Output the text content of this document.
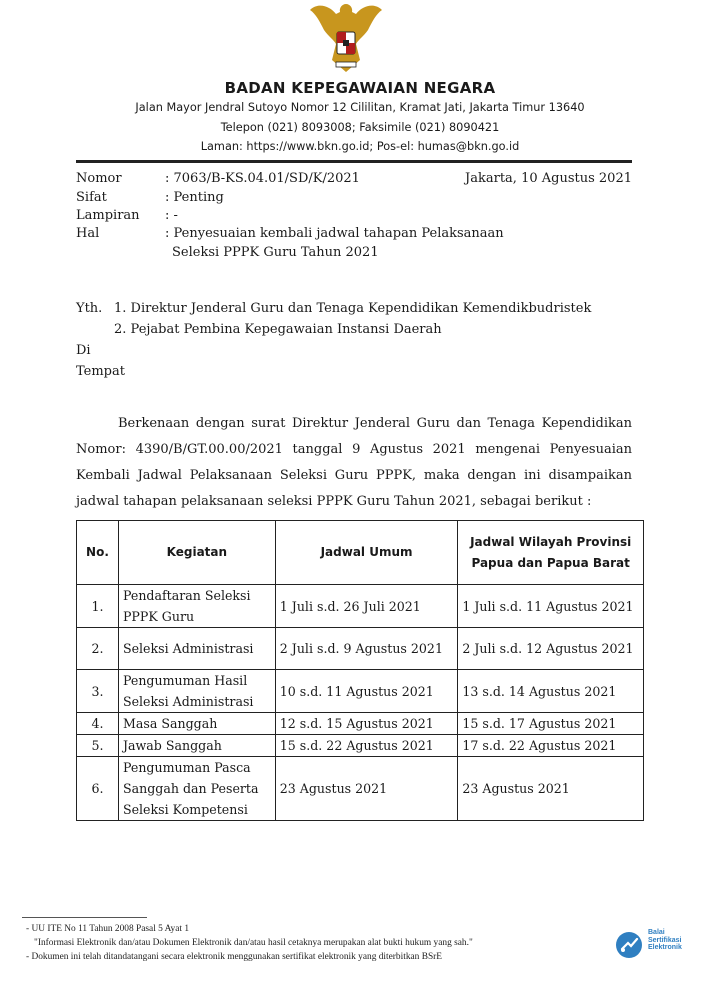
BADAN KEPEGAWAIAN NEGARA
Jalan Mayor Jendral Sutoyo Nomor 12 Cililitan, Kramat Jati, Jakarta Timur 13640
Telepon (021) 8093008; Faksimile (021) 8090421
Laman: https://www.bkn.go.id; Pos-el: humas@bkn.go.id
Nomor	: 7063/B-KS.04.01/SD/K/2021	Jakarta, 10 Agustus 2021
Sifat	: Penting
Lampiran : -
Hal	: Penyesuaian kembali jadwal tahapan Pelaksanaan
Seleksi PPPK Guru Tahun 2021
Yth. 1. Direktur Jenderal Guru dan Tenaga Kependidikan Kemendikbudristek
2. Pejabat Pembina Kepegawaian Instansi Daerah
Di
Tempat

Berkenaan dengan surat Direktur Jenderal Guru dan Tenaga Kependidikan Nomor: 4390/B/GT.00.00/2021 tanggal 9 Agustus 2021 mengenai Penyesuaian Kembali Jadwal Pelaksanaan Seleksi Guru PPPK, maka dengan ini disampaikan jadwal tahapan pelaksanaan seleksi PPPK Guru Tahun 2021, sebagai berikut :

No.	Kegiatan	Jadwal Umum	Jadwal Wilayah Provinsi Papua dan Papua Barat
1.	Pendaftaran Seleksi PPPK Guru	1 Juli s.d. 26 Juli 2021	1 Juli s.d. 11 Agustus 2021
2.	Seleksi Administrasi	2 Juli s.d. 9 Agustus 2021	2 Juli s.d. 12 Agustus 2021
3.	Pengumuman Hasil Seleksi Administrasi	10 s.d. 11 Agustus 2021	13 s.d. 14 Agustus 2021
4.	Masa Sanggah	12 s.d. 15 Agustus 2021	15 s.d. 17 Agustus 2021
5.	Jawab Sanggah	15 s.d. 22 Agustus 2021	17 s.d. 22 Agustus 2021
6.	Pengumuman Pasca Sanggah dan Peserta Seleksi Kompetensi	23 Agustus 2021	23 Agustus 2021
- UU ITE No 11 Tahun 2008 Pasal 5 Ayat 1
"Informasi Elektronik dan/atau Dokumen Elektronik dan/atau hasil cetaknya merupakan alat bukti hukum yang sah."
- Dokumen ini telah ditandatangani secara elektronik menggunakan sertifikat elektronik yang diterbitkan BSrE
Balai
Sertifikasi
Elektronik
